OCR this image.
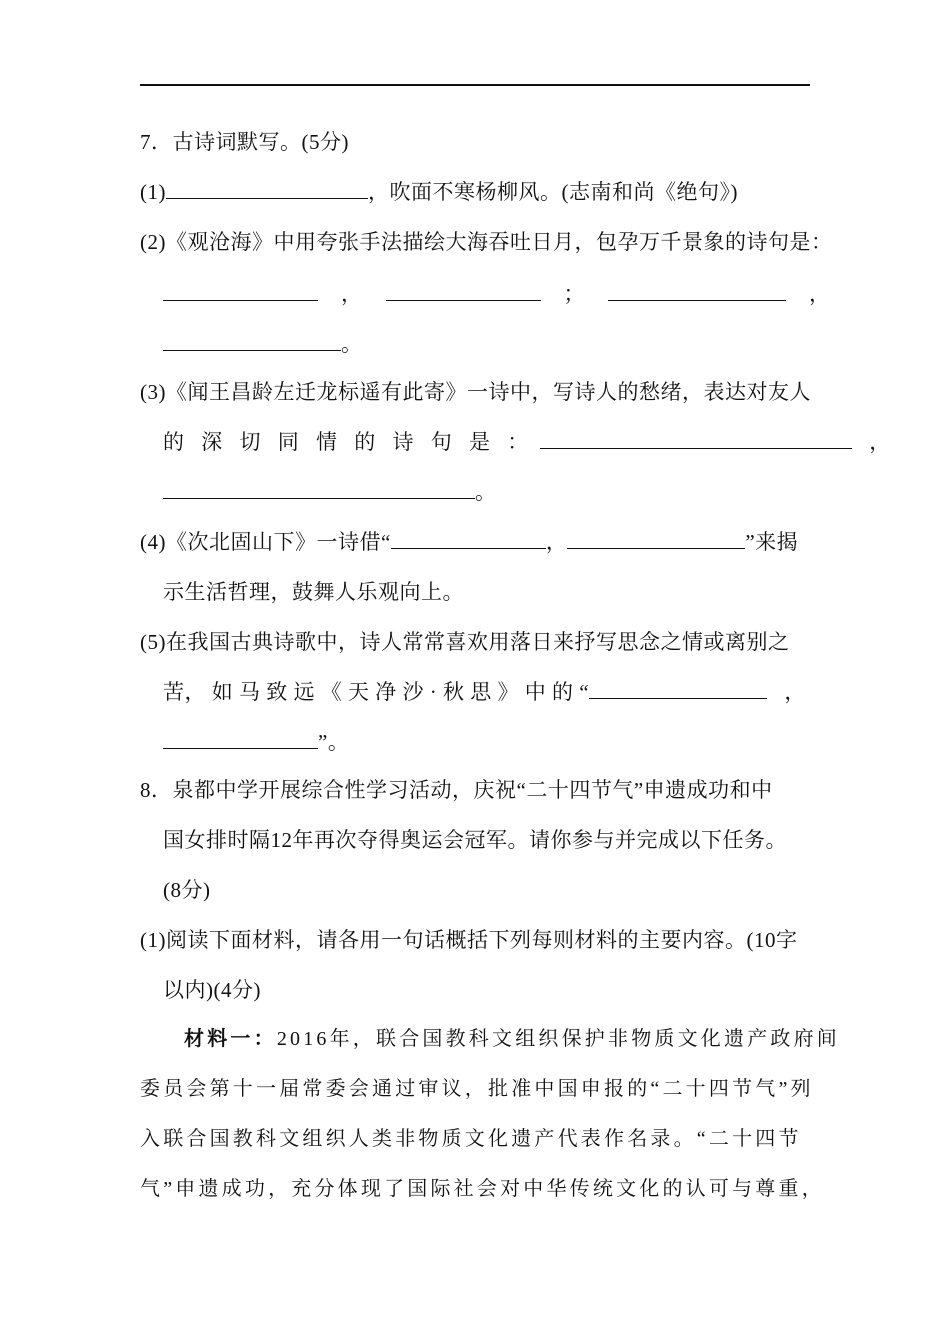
7．古诗词默写。(5分)
(1)	，吹面不寒杨柳风。(志南和尚《绝句》)
(2)《观沧海》中用夸张手法描绘大海吞吐日月，包孕万千景象的诗句是：
，	；	，
。
(3)《闻王昌龄左迁龙标遥有此寄》一诗中，写诗人的愁绪，表达对友人
的 深 切 同 情 的 诗 句 是 ：	，
。
(4)《次北固山下》一诗借“	，	”来揭
示生活哲理，鼓舞人乐观向上。
(5)在我国古典诗歌中，诗人常常喜欢用落日来抒写思念之情或离别之
苦， 如 马 致 远 《 天 净 沙 · 秋 思 》 中 的 “	，
”。
8．泉都中学开展综合性学习活动，庆祝“二十四节气”申遗成功和中
国女排时隔12年再次夺得奥运会冠军。请你参与并完成以下任务。
(8分)
(1)阅读下面材料，请各用一句话概括下列每则材料的主要内容。(10字
以内)(4分)
材料一：2016年，联合国教科文组织保护非物质文化遗产政府间
委员会第十一届常委会通过审议，批准中国申报的“二十四节气”列
入联合国教科文组织人类非物质文化遗产代表作名录。“二十四节
气”申遗成功，充分体现了国际社会对中华传统文化的认可与尊重，
